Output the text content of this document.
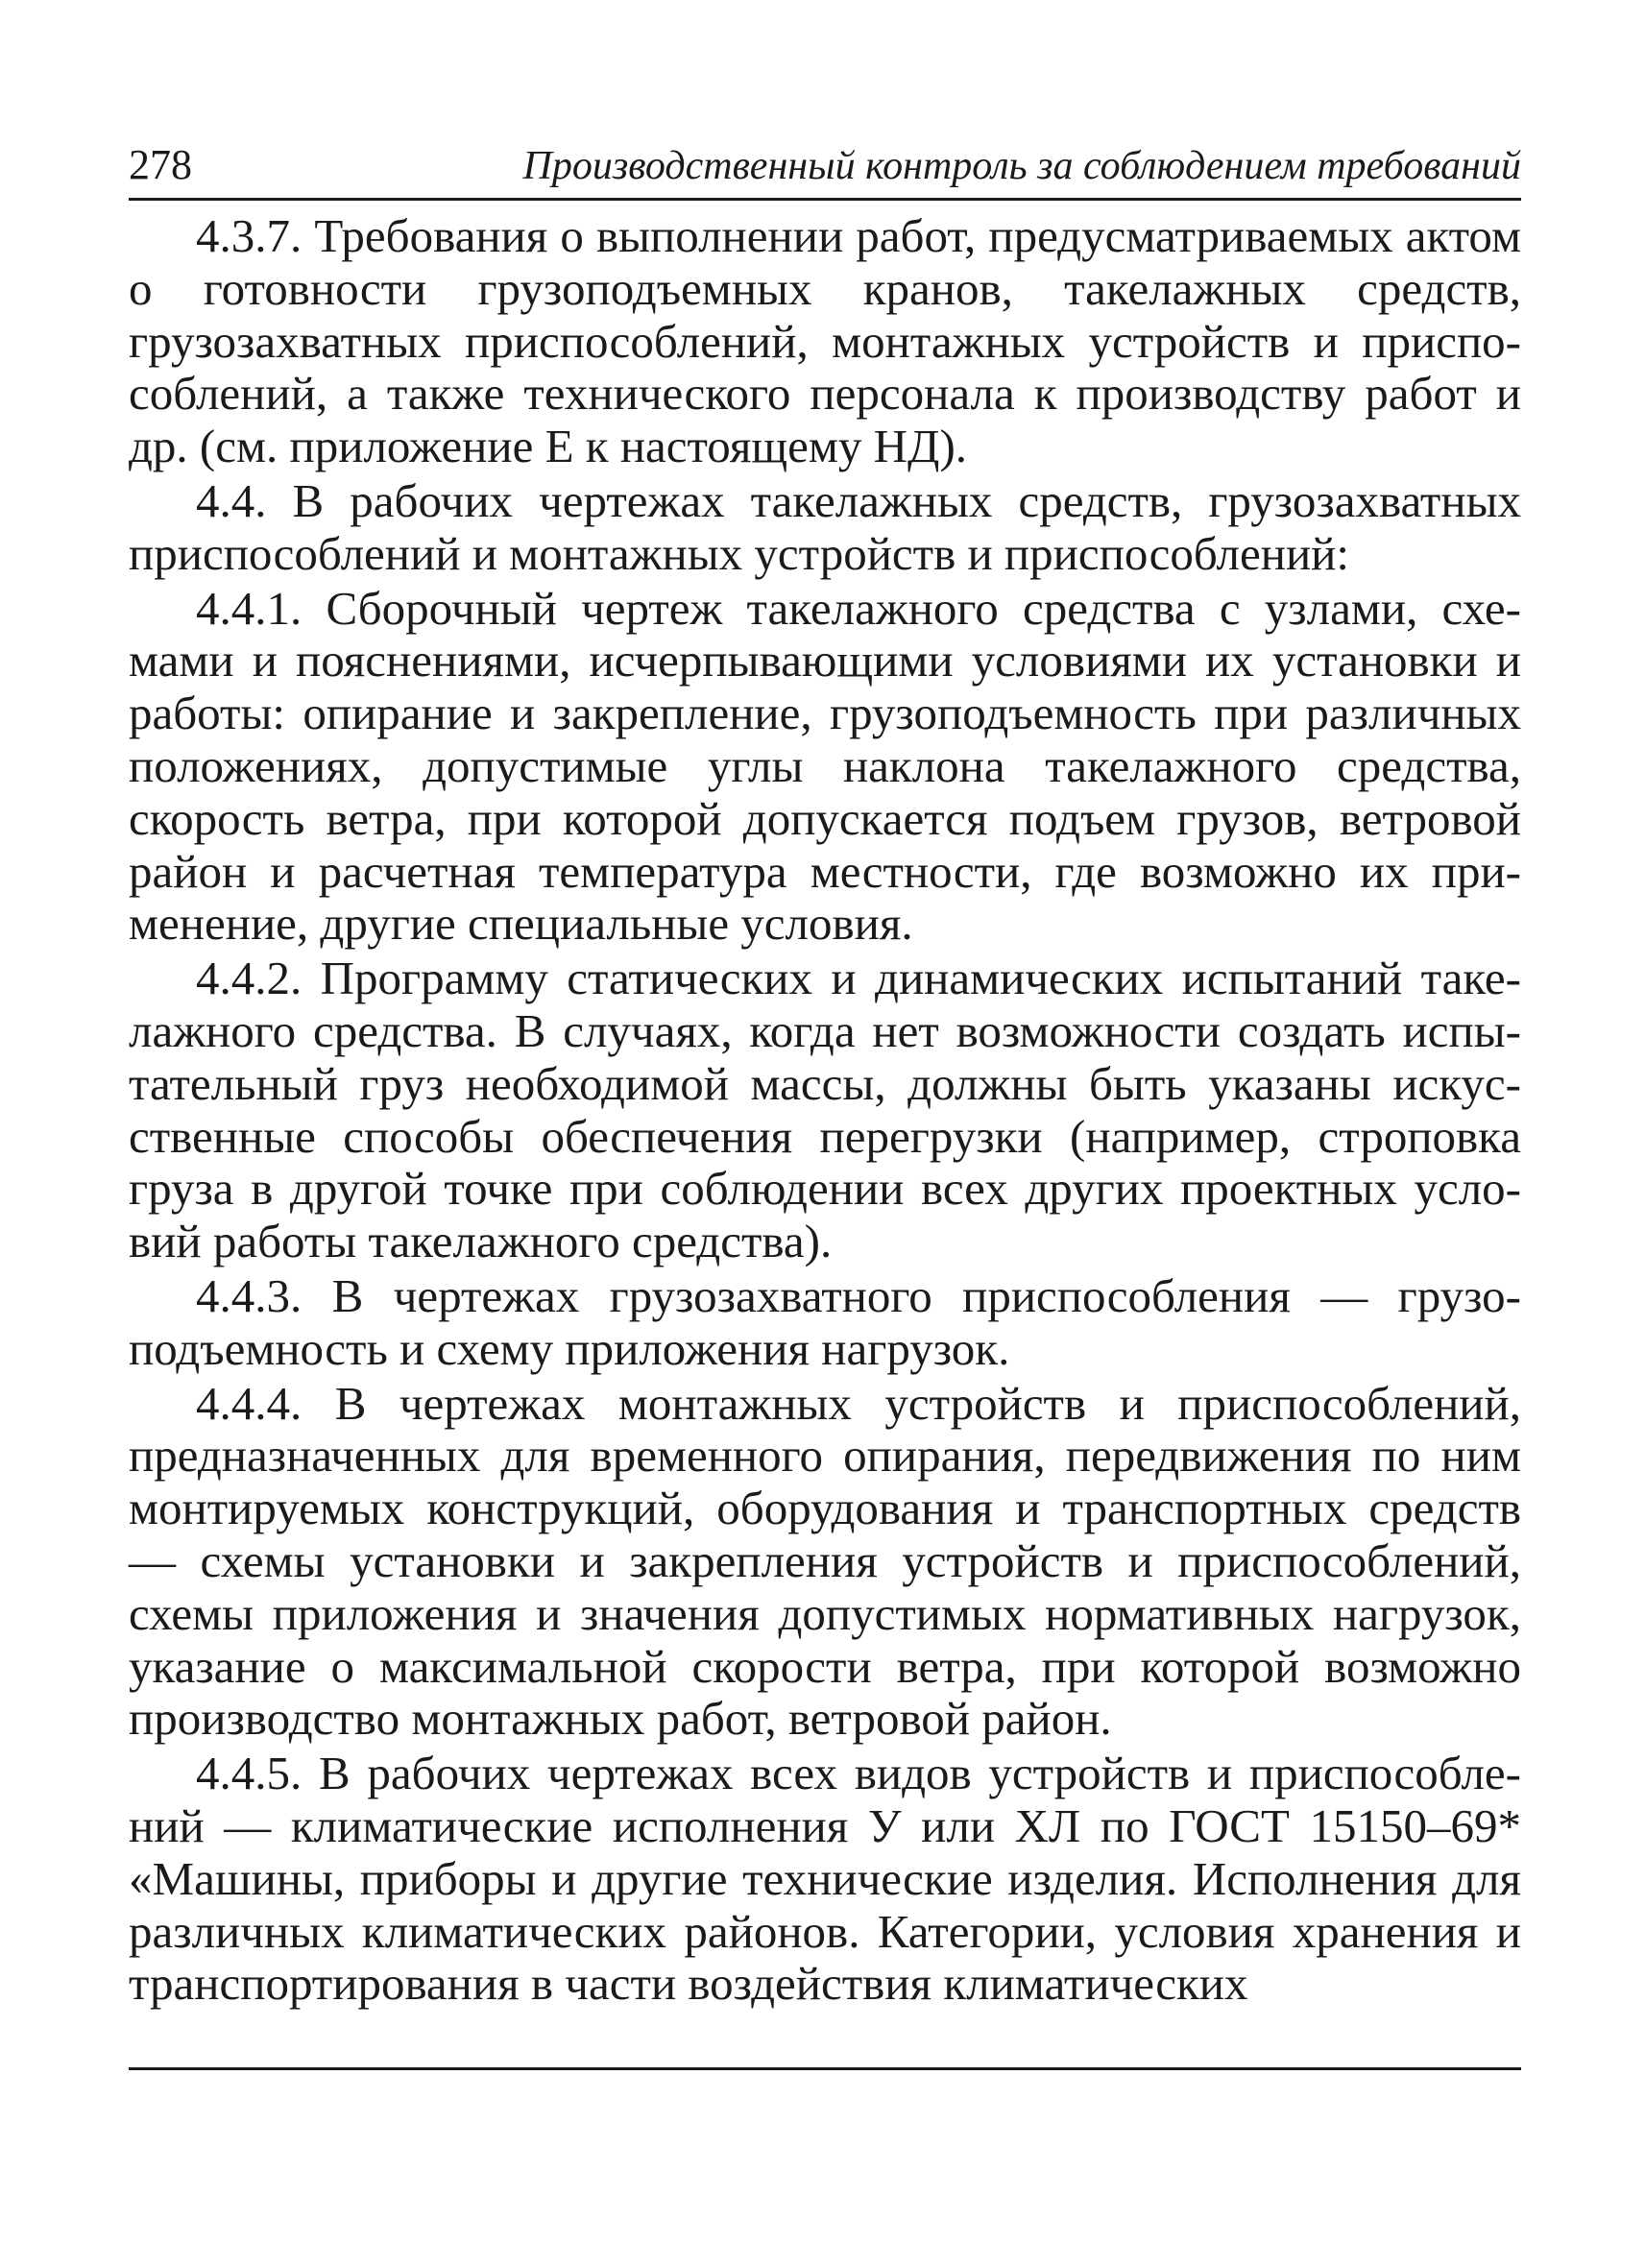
278	Производственный контроль за соблюдением требований

4.3.7. Требования о выполнении работ, предусматриваемых актом о готовности грузоподъемных кранов, такелажных средств, грузозахватных приспособлений, монтажных устройств и приспособлений, а также технического персонала к производству работ и др. (см. приложение Е к настоящему НД).

4.4. В рабочих чертежах такелажных средств, грузозахватных приспособлений и монтажных устройств и приспособлений:

4.4.1. Сборочный чертеж такелажного средства с узлами, схемами и пояснениями, исчерпывающими условиями их установки и работы: опирание и закрепление, грузоподъемность при различных положениях, допустимые углы наклона такелажного средства, скорость ветра, при которой допускается подъем грузов, ветровой район и расчетная температура местности, где возможно их применение, другие специальные условия.

4.4.2. Программу статических и динамических испытаний такелажного средства. В случаях, когда нет возможности создать испытательный груз необходимой массы, должны быть указаны искусственные способы обеспечения перегрузки (например, строповка груза в другой точке при соблюдении всех других проектных условий работы такелажного средства).

4.4.3. В чертежах грузозахватного приспособления — грузоподъемность и схему приложения нагрузок.

4.4.4. В чертежах монтажных устройств и приспособлений, предназначенных для временного опирания, передвижения по ним монтируемых конструкций, оборудования и транспортных средств — схемы установки и закрепления устройств и приспособлений, схемы приложения и значения допустимых нормативных нагрузок, указание о максимальной скорости ветра, при которой возможно производство монтажных работ, ветровой район.

4.4.5. В рабочих чертежах всех видов устройств и приспособлений — климатические исполнения У или ХЛ по ГОСТ 15150–69* «Машины, приборы и другие технические изделия. Исполнения для различных климатических районов. Категории, условия хранения и транспортирования в части воздействия климатических
